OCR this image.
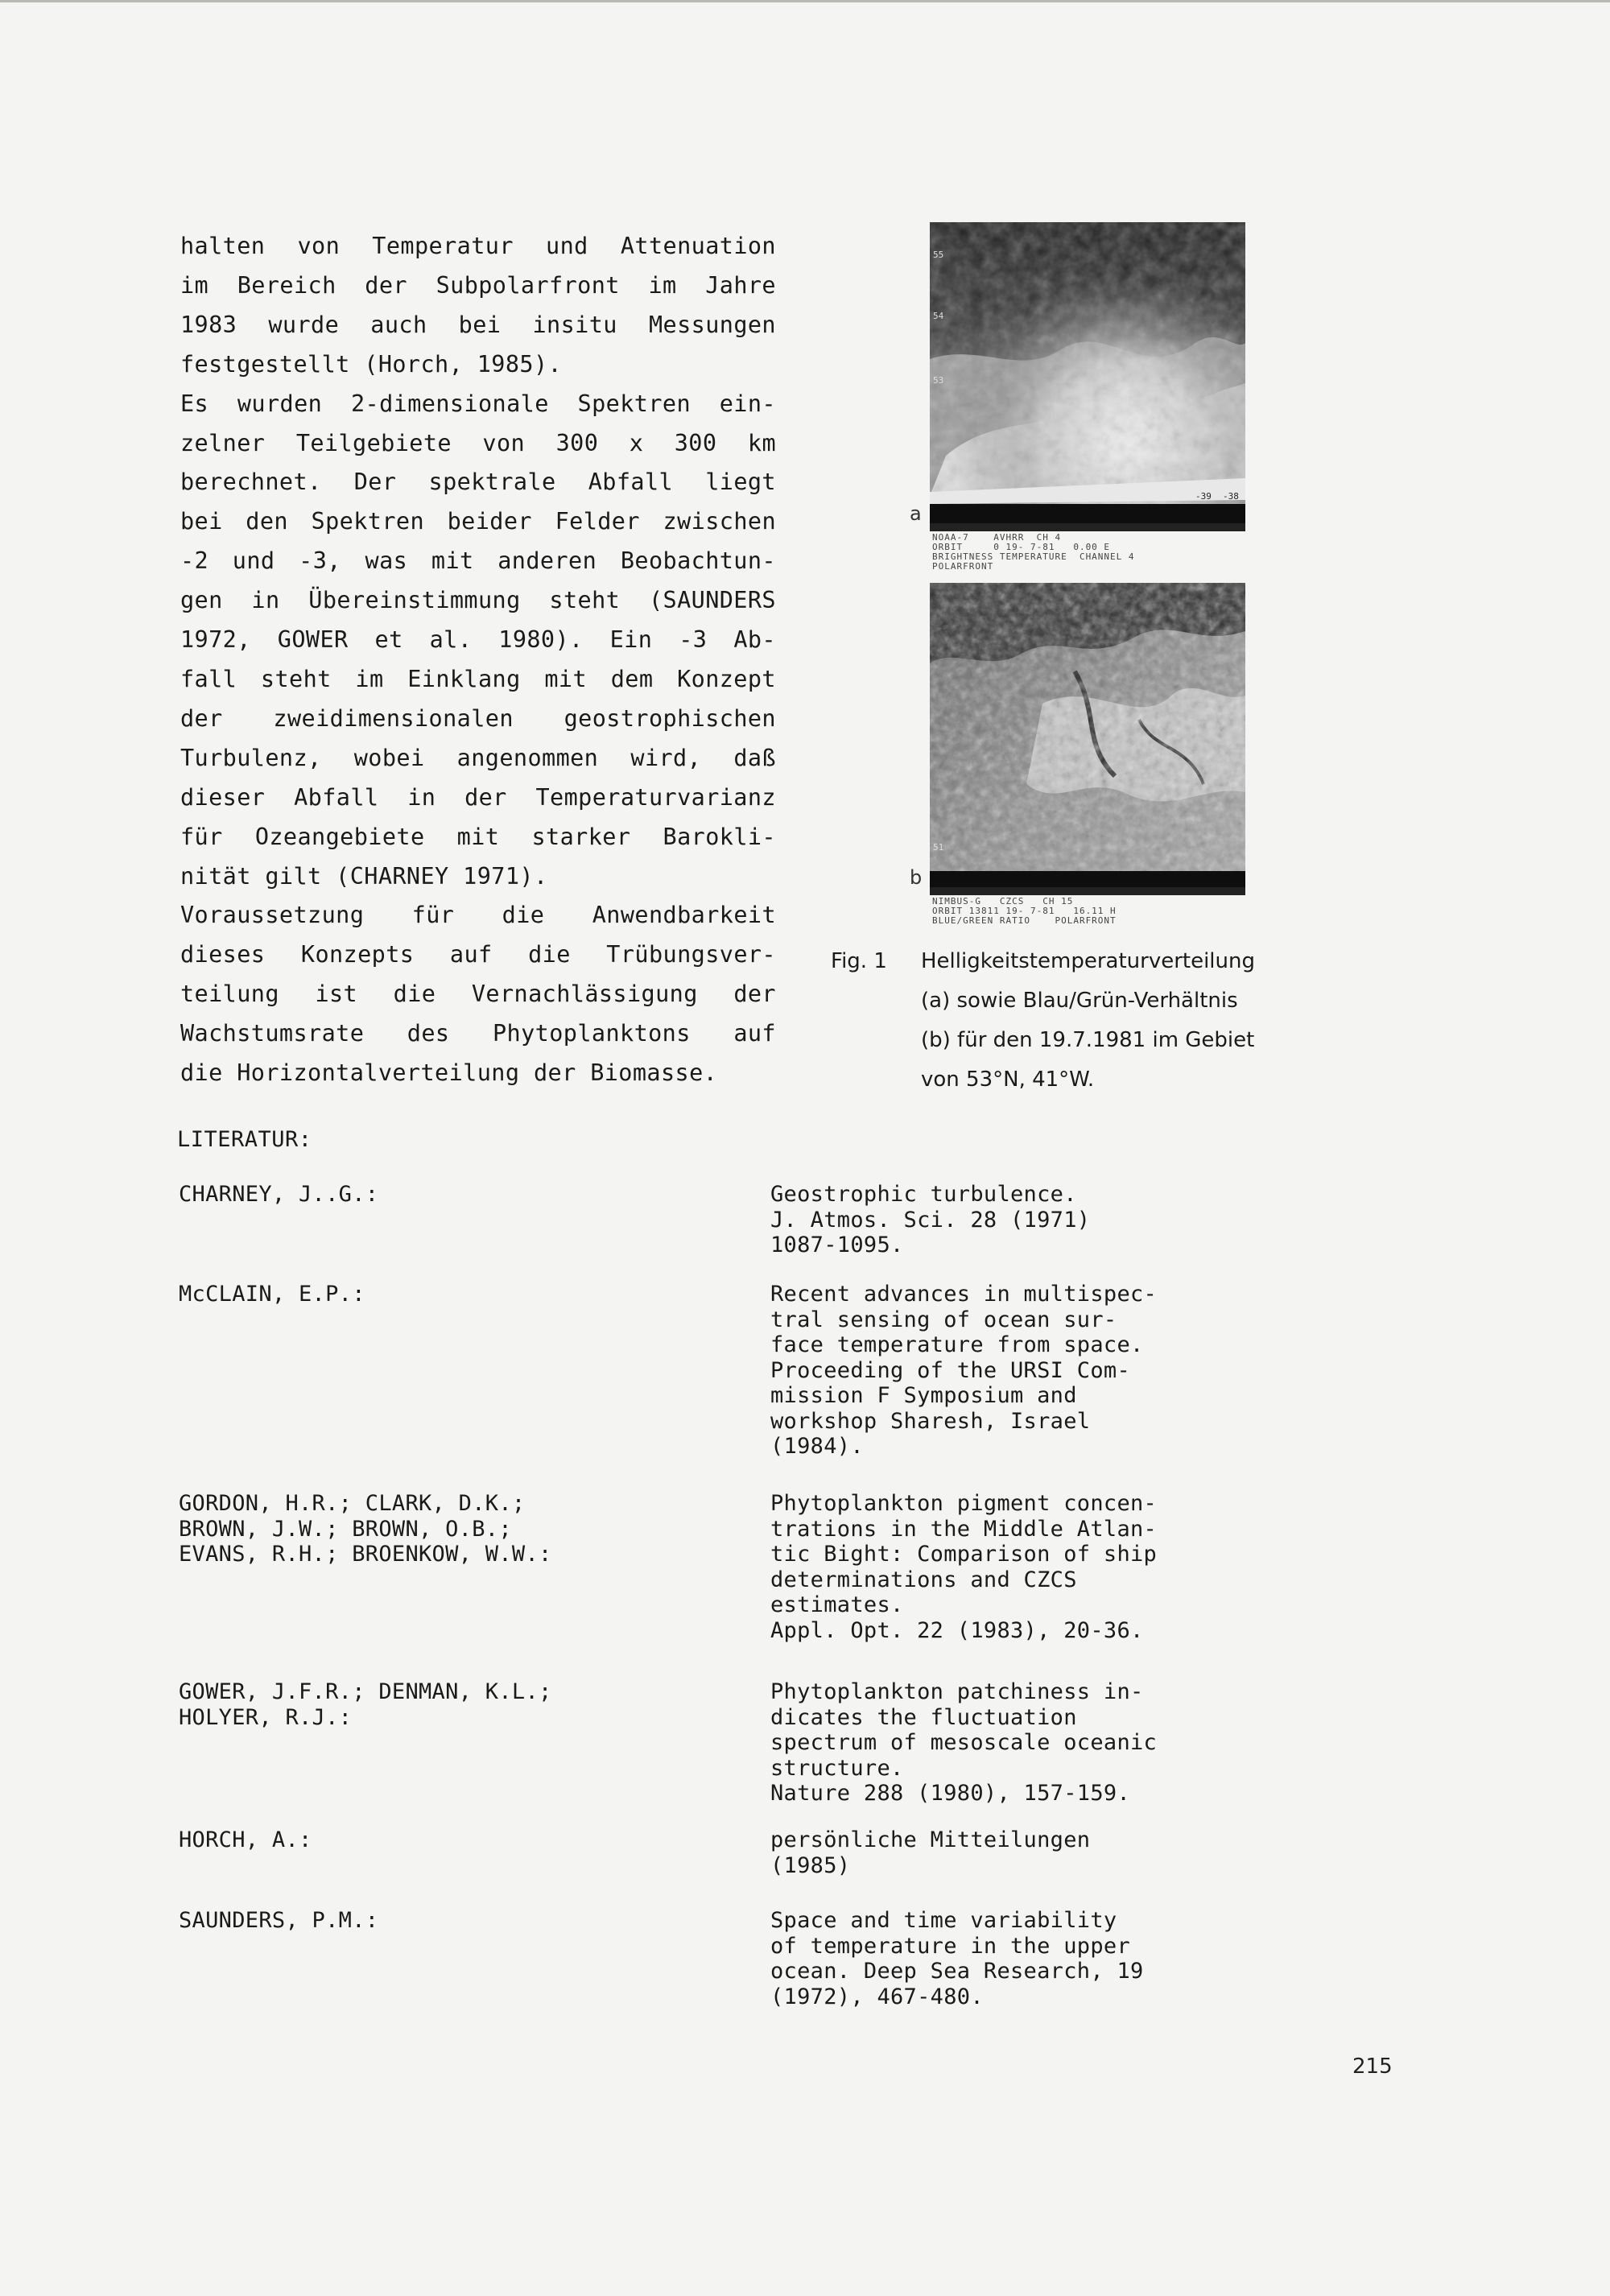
halten von Temperatur und Attenuation
im Bereich der Subpolarfront im Jahre
1983 wurde auch bei insitu Messungen
festgestellt (Horch, 1985).
Es wurden 2-dimensionale Spektren ein-
zelner Teilgebiete von 300 x 300 km
berechnet. Der spektrale Abfall liegt
bei den Spektren beider Felder zwischen
-2 und -3, was mit anderen Beobachtun-
gen in Übereinstimmung steht (SAUNDERS
1972, GOWER et al. 1980). Ein -3 Ab-
fall steht im Einklang mit dem Konzept
der zweidimensionalen geostrophischen
Turbulenz, wobei angenommen wird, daß
dieser Abfall in der Temperaturvarianz
für Ozeangebiete mit starker Barokli-
nität gilt (CHARNEY 1971).
Voraussetzung für die Anwendbarkeit
dieses Konzepts auf die Trübungsver-
teilung ist die Vernachlässigung der
Wachstumsrate des Phytoplanktons auf
die Horizontalverteilung der Biomasse.
55
54
53
-39 -38
a
NOAA-7    AVHRR  CH 4
ORBIT     0 19- 7-81   0.00 E
BRIGHTNESS TEMPERATURE  CHANNEL 4
POLARFRONT
51
b
NIMBUS-G   CZCS   CH 15
ORBIT 13811 19- 7-81   16.11 H
BLUE/GREEN RATIO    POLARFRONT
Fig. 1 Helligkeitstemperaturverteilung
(a) sowie Blau/Grün-Verhältnis
(b) für den 19.7.1981 im Gebiet
von 53°N, 41°W.
LITERATUR:
CHARNEY, J..G.:	Geostrophic turbulence.
J. Atmos. Sci. 28 (1971)
1087-1095.
McCLAIN, E.P.:	Recent advances in multispec-
tral sensing of ocean sur-
face temperature from space.
Proceeding of the URSI Com-
mission F Symposium and
workshop Sharesh, Israel
(1984).
GORDON, H.R.; CLARK, D.K.;
BROWN, J.W.; BROWN, O.B.;
EVANS, R.H.; BROENKOW, W.W.:
Phytoplankton pigment concen-
trations in the Middle Atlan-
tic Bight: Comparison of ship
determinations and CZCS
estimates.
Appl. Opt. 22 (1983), 20-36.
GOWER, J.F.R.; DENMAN, K.L.;
HOLYER, R.J.:
Phytoplankton patchiness in-
dicates the fluctuation
spectrum of mesoscale oceanic
structure.
Nature 288 (1980), 157-159.
HORCH, A.:	persönliche Mitteilungen
(1985)
SAUNDERS, P.M.:	Space and time variability
of temperature in the upper
ocean. Deep Sea Research, 19
(1972), 467-480.
215
